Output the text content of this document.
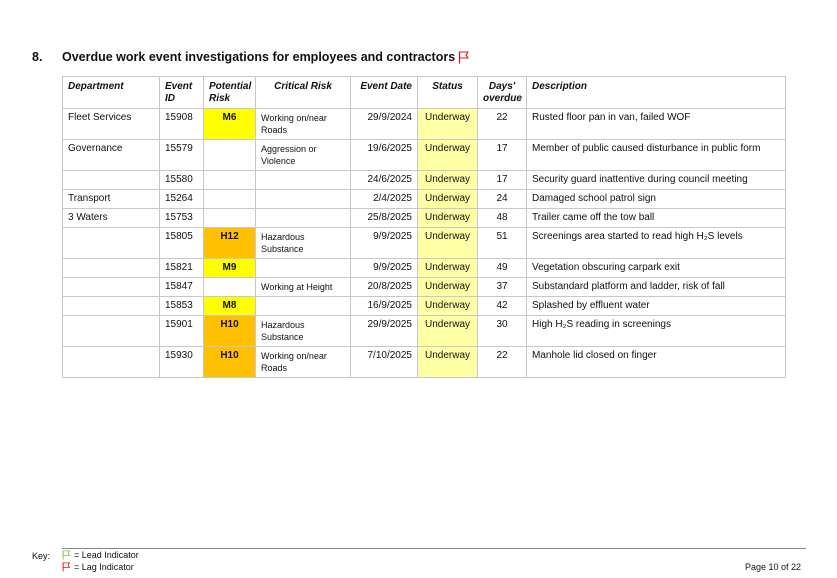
8.	Overdue work event investigations for employees and contractors
Department	Event ID	Potential Risk	Critical Risk	Event Date	Status	Days' overdue	Description
Fleet Services	15908	M6	Working on/near Roads	29/9/2024	Underway	22	Rusted floor pan in van, failed WOF
Governance	15579		Aggression or Violence	19/6/2025	Underway	17	Member of public caused disturbance in public form
	15580			24/6/2025	Underway	17	Security guard inattentive during council meeting
Transport	15264			2/4/2025	Underway	24	Damaged school patrol sign
3 Waters	15753			25/8/2025	Underway	48	Trailer came off the tow ball
	15805	H12	Hazardous Substance	9/9/2025	Underway	51	Screenings area started to read high H₂S levels
	15821	M9		9/9/2025	Underway	49	Vegetation obscuring carpark exit
	15847		Working at Height	20/8/2025	Underway	37	Substandard platform and ladder, risk of fall
	15853	M8		16/9/2025	Underway	42	Splashed by effluent water
	15901	H10	Hazardous Substance	29/9/2025	Underway	30	High H₂S reading in screenings
	15930	H10	Working on/near Roads	7/10/2025	Underway	22	Manhole lid closed on finger
Key:	= Lead Indicator
= Lag Indicator	Page 10 of 22
